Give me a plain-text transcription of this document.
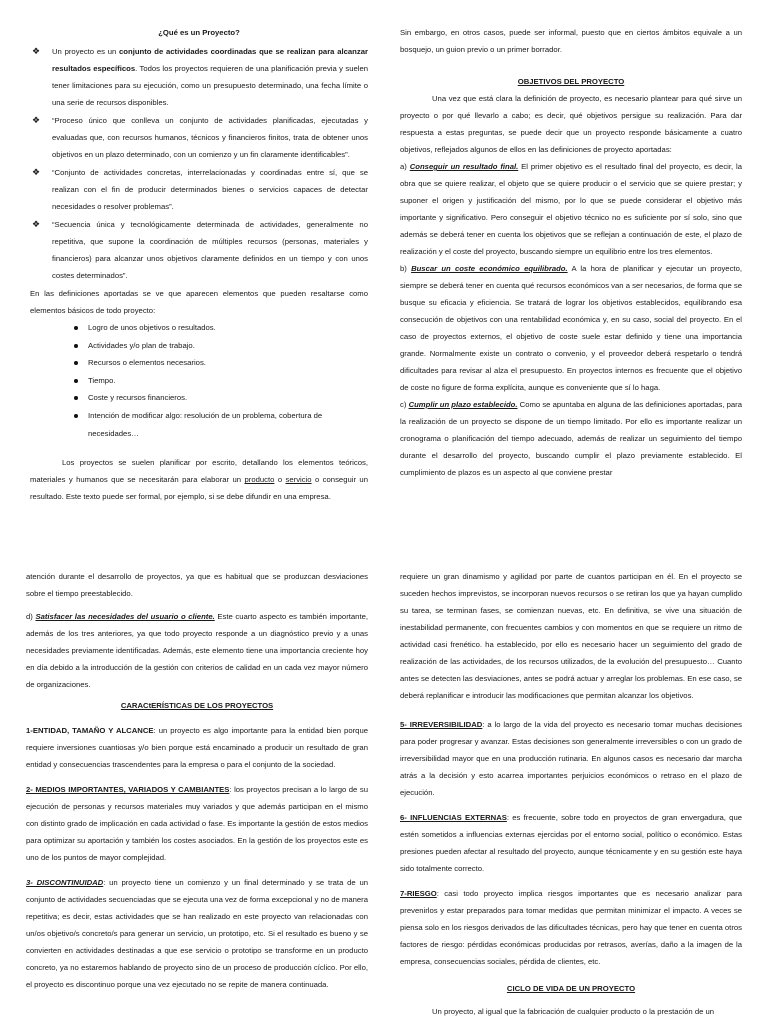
¿Qué es un Proyecto?

❖ Un proyecto es un conjunto de actividades coordinadas que se realizan para alcanzar resultados específicos. Todos los proyectos requieren de una planificación previa y suelen tener limitaciones para su ejecución, como un presupuesto determinado, una fecha límite o una serie de recursos disponibles.
❖ “Proceso único que conlleva un conjunto de actividades planificadas, ejecutadas y evaluadas que, con recursos humanos, técnicos y financieros finitos, trata de obtener unos objetivos en un plazo determinado, con un comienzo y un fin claramente identificables”.
❖ “Conjunto de actividades concretas, interrelacionadas y coordinadas entre sí, que se realizan con el fin de producir determinados bienes o servicios capaces de detectar necesidades o resolver problemas”.
❖ “Secuencia única y tecnológicamente determinada de actividades, generalmente no repetitiva, que supone la coordinación de múltiples recursos (personas, materiales y financieros) para alcanzar unos objetivos claramente definidos en un tiempo y con unos costes determinados”.

En las definiciones aportadas se ve que aparecen elementos que pueden resaltarse como elementos básicos de todo proyecto:

Logro de unos objetivos o resultados.
Actividades y/o plan de trabajo.
Recursos o elementos necesarios.
Tiempo.
Coste y recursos financieros.
Intención de modificar algo: resolución de un problema, cobertura de necesidades…

Los proyectos se suelen planificar por escrito, detallando los elementos teóricos, materiales y humanos que se necesitarán para elaborar un producto o servicio o conseguir un resultado. Este texto puede ser formal, por ejemplo, si se debe difundir en una empresa.

Sin embargo, en otros casos, puede ser informal, puesto que en ciertos ámbitos equivale a un bosquejo, un guion previo o un primer borrador.

OBJETIVOS DEL PROYECTO

Una vez que está clara la definición de proyecto, es necesario plantear para qué sirve un proyecto o por qué llevarlo a cabo; es decir, qué objetivos persigue su realización. Para dar respuesta a estas preguntas, se puede decir que un proyecto responde básicamente a cuatro objetivos, reflejados algunos de ellos en las definiciones de proyecto aportadas:

a) Conseguir un resultado final. El primer objetivo es el resultado final del proyecto, es decir, la obra que se quiere realizar, el objeto que se quiere producir o el servicio que se quiere prestar; y suponer el origen y justificación del mismo, por lo que se puede considerar el objetivo más importante y significativo. Pero conseguir el objetivo técnico no es suficiente por sí solo, sino que además se deberá tener en cuenta los objetivos que se reflejan a continuación de este, el plazo de realización y el coste del proyecto, buscando siempre un equilibrio entre los tres elementos.

b) Buscar un coste económico equilibrado. A la hora de planificar y ejecutar un proyecto, siempre se deberá tener en cuenta qué recursos económicos van a ser necesarios, de forma que se busque su eficacia y eficiencia. Se tratará de lograr los objetivos establecidos, equilibrando esa consecución de objetivos con una rentabilidad económica y, en su caso, social del proyecto. En el caso de proyectos externos, el objetivo de coste suele estar definido y tiene una importancia grande. Normalmente existe un contrato o convenio, y el proveedor deberá respetarlo o tendrá dificultades para revisar al alza el presupuesto. En proyectos internos es frecuente que el objetivo de coste no figure de forma explícita, aunque es conveniente que sí lo haga.

c) Cumplir un plazo establecido. Como se apuntaba en alguna de las definiciones aportadas, para la realización de un proyecto se dispone de un tiempo limitado. Por ello es importante realizar un cronograma o planificación del tiempo adecuado, además de realizar un seguimiento del tiempo durante el desarrollo del proyecto, buscando cumplir el plazo previamente establecido. El cumplimiento de plazos es un aspecto al que conviene prestar

atención durante el desarrollo de proyectos, ya que es habitual que se produzcan desviaciones sobre el tiempo preestablecido.

d) Satisfacer las necesidades del usuario o cliente. Este cuarto aspecto es también importante, además de los tres anteriores, ya que todo proyecto responde a un diagnóstico previo y a unas necesidades previamente identificadas. Además, este elemento tiene una importancia creciente hoy en día debido a la introducción de la gestión con criterios de calidad en un cada vez mayor número de organizaciones.

CARACtERÍSTICAS DE LOS PROYECTOS

1-ENTIDAD, TAMAÑO Y ALCANCE: un proyecto es algo importante para la entidad bien porque requiere inversiones cuantiosas y/o bien porque está encaminado a producir un resultado de gran entidad y consecuencias trascendentes para la empresa o para el conjunto de la sociedad.

2- MEDIOS IMPORTANTES, VARIADOS Y CAMBIANTES: los proyectos precisan a lo largo de su ejecución de personas y recursos materiales muy variados y que además participan en el mismo con distinto grado de implicación en cada actividad o fase. Es importante la gestión de estos medios para optimizar su aportación y también los costes asociados. En la gestión de los proyectos este es uno de los puntos de mayor complejidad.

3- DISCONTINUIDAD: un proyecto tiene un comienzo y un final determinado y se trata de un conjunto de actividades secuenciadas que se ejecuta una vez de forma excepcional y no de manera repetitiva; es decir, estas actividades que se han realizado en este proyecto van relacionadas con un/os objetivo/s concreto/s para generar un servicio, un prototipo, etc. Si el resultado es bueno y se convierten en actividades destinadas a que ese servicio o prototipo se transforme en un producto concreto, ya no estaremos hablando de proyecto sino de un proceso de producción cíclico. Por ello, el proyecto es discontinuo porque una vez ejecutado no se repite de manera continuada.

requiere un gran dinamismo y agilidad por parte de cuantos participan en él. En el proyecto se suceden hechos imprevistos, se incorporan nuevos recursos o se retiran los que ya hayan cumplido su tarea, se terminan fases, se comienzan nuevas, etc. En definitiva, se vive una situación de inestabilidad permanente, con frecuentes cambios y con momentos en que se requiere un ritmo de actividad casi frenético. ha establecido, por ello es necesario hacer un seguimiento del grado de realización de las actividades, de los recursos utilizados, de la evolución del presupuesto… Cuanto antes se detecten las desviaciones, antes se podrá actuar y arreglar los problemas. En ese caso, se deberá replanificar e introducir las modificaciones que permitan alcanzar los objetivos.

5- IRREVERSIBILIDAD: a lo largo de la vida del proyecto es necesario tomar muchas decisiones para poder progresar y avanzar. Estas decisiones son generalmente irreversibles o con un grado de irreversibilidad mayor que en una producción rutinaria. En algunos casos es necesario dar marcha atrás a la decisión y esto acarrea importantes perjuicios económicos o retraso en el plazo de ejecución.

6- INFLUENCIAS EXTERNAS: es frecuente, sobre todo en proyectos de gran envergadura, que estén sometidos a influencias externas ejercidas por el entorno social, político o económico. Estas presiones pueden afectar al resultado del proyecto, aunque técnicamente y en su gestión este haya sido totalmente correcto.

7-RIESGO: casi todo proyecto implica riesgos importantes que es necesario analizar para prevenirlos y estar preparados para tomar medidas que permitan minimizar el impacto. A veces se piensa solo en los riesgos derivados de las dificultades técnicas, pero hay que tener en cuenta otros factores de riesgo: pérdidas económicas producidas por retrasos, averías, daño a la imagen de la empresa, consecuencias sociales, pérdida de clientes, etc.

CICLO DE VIDA DE UN PROYECTO

Un proyecto, al igual que la fabricación de cualquier producto o la prestación de un
